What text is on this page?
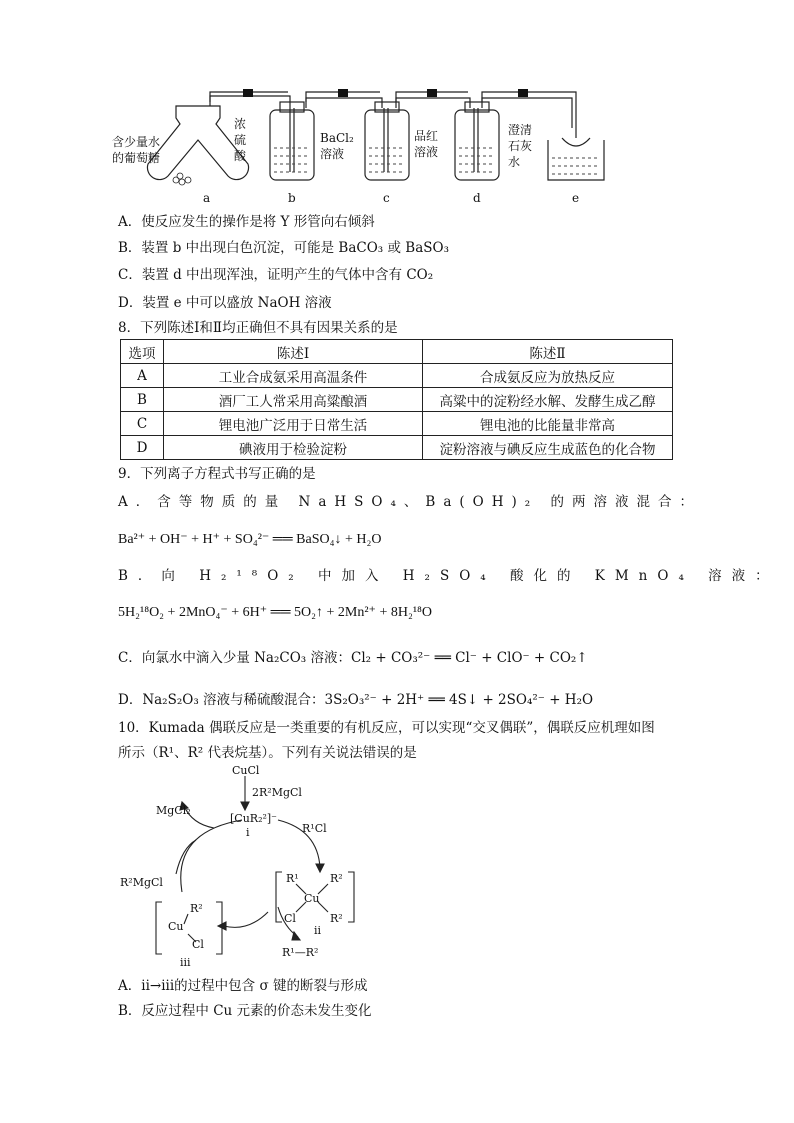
含少量水
的葡萄糖
浓
硫
酸
BaCl₂
溶液
品红
溶液
澄清
石灰
水
a	b	c	d	e
A．使反应发生的操作是将 Y 形管向右倾斜
B．装置 b 中出现白色沉淀，可能是 BaCO₃ 或 BaSO₃
C．装置 d 中出现浑浊，证明产生的气体中含有 CO₂
D．装置 e 中可以盛放 NaOH 溶液
8．下列陈述Ⅰ和Ⅱ均正确但不具有因果关系的是
选项	陈述Ⅰ	陈述Ⅱ
A	工业合成氨采用高温条件	合成氨反应为放热反应
B	酒厂工人常采用高粱酿酒	高粱中的淀粉经水解、发酵生成乙醇
C	锂电池广泛用于日常生活	锂电池的比能量非常高
D	碘液用于检验淀粉	淀粉溶液与碘反应生成蓝色的化合物
9．下列离子方程式书写正确的是
A．含等物质的量 NaHSO₄、Ba(OH)₂ 的两溶液混合：
Ba²⁺ + OH⁻ + H⁺ + SO₄²⁻ ══ BaSO₄↓ + H₂O
B．向 H₂¹⁸O₂ 中加入 H₂SO₄ 酸化的 KMnO₄ 溶液：
5H₂¹⁸O₂ + 2MnO₄⁻ + 6H⁺ ══ 5O₂↑ + 2Mn²⁺ + 8H₂¹⁸O
C．向氯水中滴入少量 Na₂CO₃ 溶液：Cl₂ + CO₃²⁻ ══ Cl⁻ + ClO⁻ + CO₂↑
D．Na₂S₂O₃ 溶液与稀硫酸混合：3S₂O₃²⁻ + 2H⁺ ══ 4S↓ + 2SO₄²⁻ + H₂O
10．Kumada 偶联反应是一类重要的有机反应，可以实现“交叉偶联”，偶联反应机理如图
所示（R¹、R² 代表烷基）。下列有关说法错误的是
CuCl
2R²MgCl
[CuR₂²]⁻
i	R¹Cl
MgCl₂
R²MgCl	R¹	R²
Cu
Cl	R²
ii
R¹—R²
R²
Cu
Cl
iii
A．ii→iii的过程中包含 σ 键的断裂与形成
B．反应过程中 Cu 元素的价态未发生变化
